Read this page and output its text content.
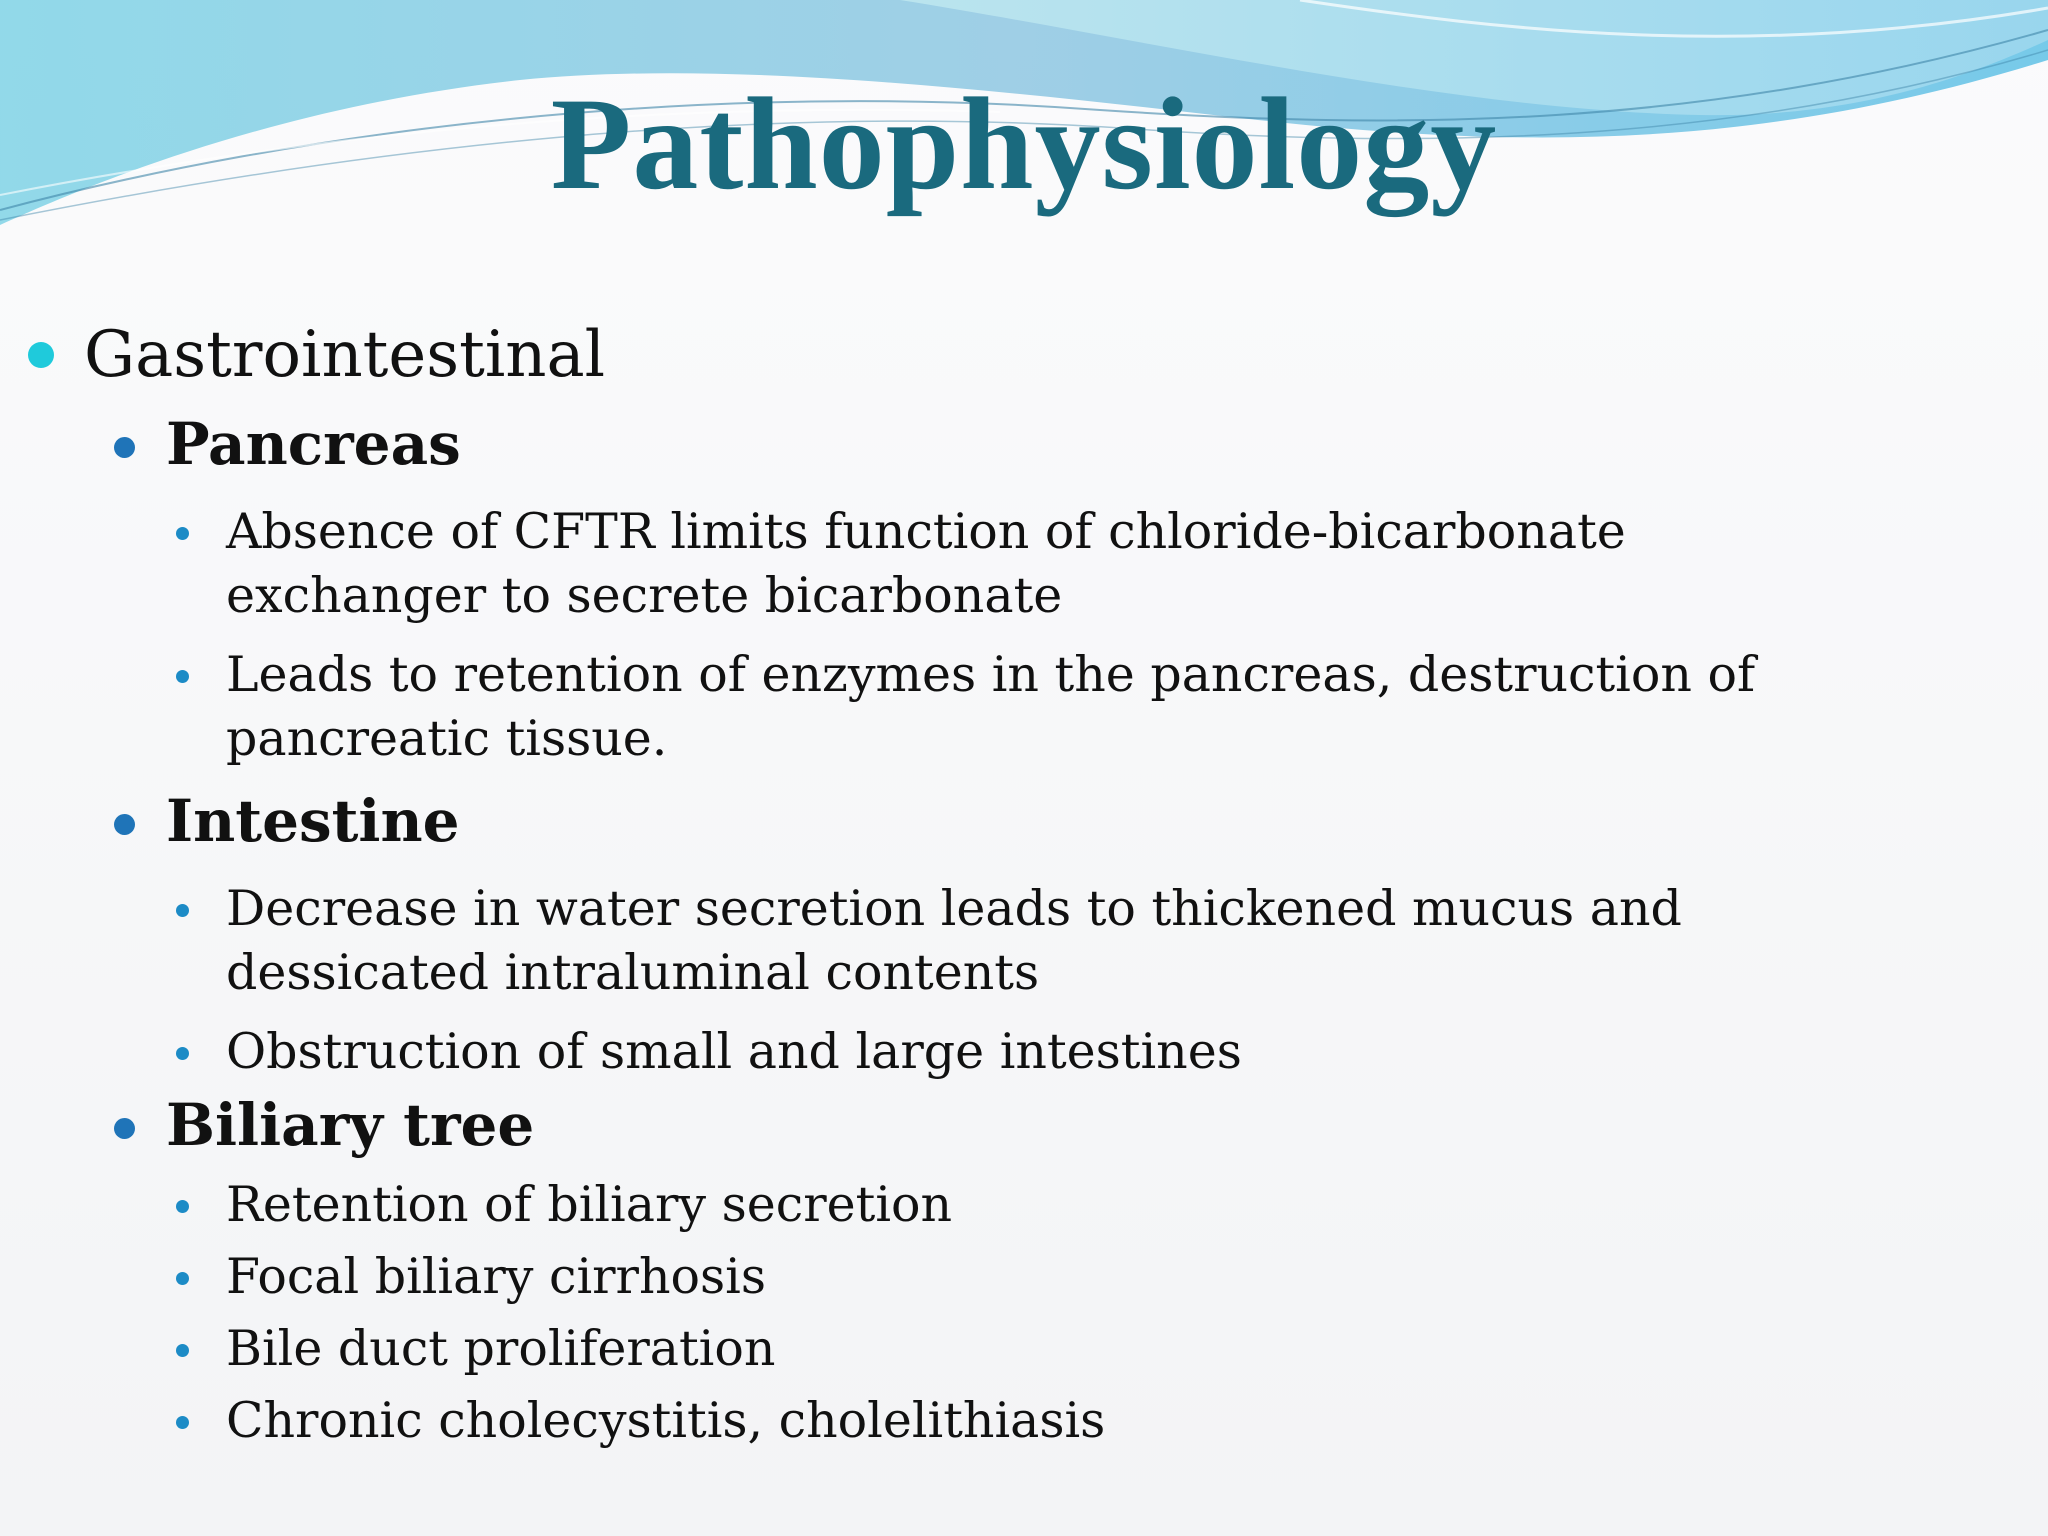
Pathophysiology
Gastrointestinal
Pancreas
Absence of CFTR limits function of chloride-bicarbonate
exchanger to secrete bicarbonate
Leads to retention of enzymes in the pancreas, destruction of
pancreatic tissue.
Intestine
Decrease in water secretion leads to thickened mucus and
dessicated intraluminal contents
Obstruction of small and large intestines
Biliary tree
Retention of biliary secretion
Focal biliary cirrhosis
Bile duct proliferation
Chronic cholecystitis, cholelithiasis
